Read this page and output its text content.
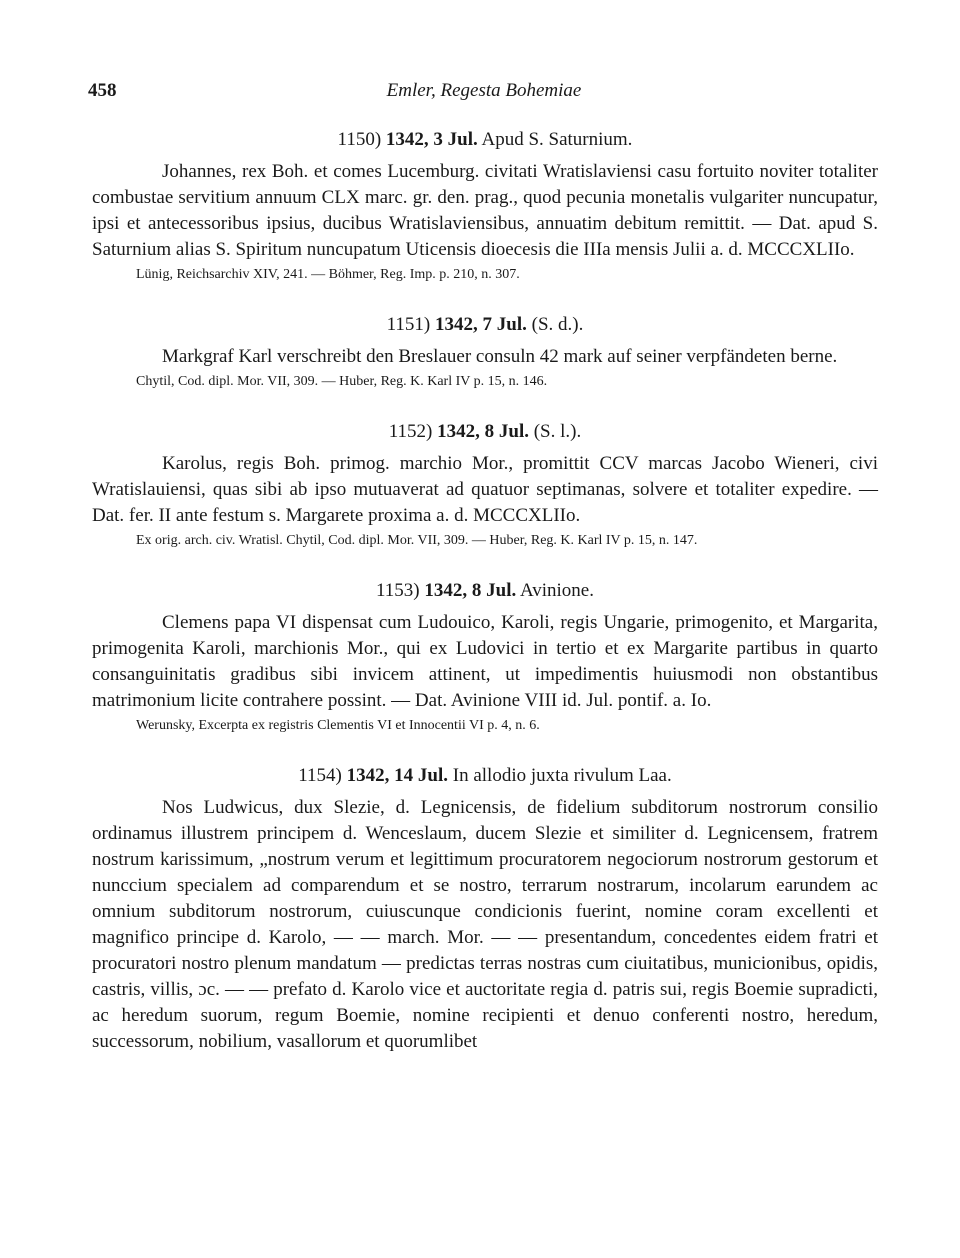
458	Emler, Regesta Bohemiae
1150) 1342, 3 Jul. Apud S. Saturnium.
Johannes, rex Boh. et comes Lucemburg. civitati Wratislaviensi casu fortuito noviter totaliter combustae servitium annuum CLX marc. gr. den. prag., quod pecunia monetalis vulgariter nuncupatur, ipsi et antecessoribus ipsius, ducibus Wratislaviensibus, annuatim debitum remittit. — Dat. apud S. Saturnium alias S. Spiritum nuncupatum Uticensis dioecesis die IIIa mensis Julii a. d. MCCCXLIIo.
Lünig, Reichsarchiv XIV, 241. — Böhmer, Reg. Imp. p. 210, n. 307.
1151) 1342, 7 Jul. (S. d.).
Markgraf Karl verschreibt den Breslauer consuln 42 mark auf seiner verpfändeten berne.
Chytil, Cod. dipl. Mor. VII, 309. — Huber, Reg. K. Karl IV p. 15, n. 146.
1152) 1342, 8 Jul. (S. l.).
Karolus, regis Boh. primog. marchio Mor., promittit CCV marcas Jacobo Wieneri, civi Wratislauiensi, quas sibi ab ipso mutuaverat ad quatuor septimanas, solvere et totaliter expedire. — Dat. fer. II ante festum s. Margarete proxima a. d. MCCCXLIIo.
Ex orig. arch. civ. Wratisl. Chytil, Cod. dipl. Mor. VII, 309. — Huber, Reg. K. Karl IV p. 15, n. 147.
1153) 1342, 8 Jul. Avinione.
Clemens papa VI dispensat cum Ludouico, Karoli, regis Ungarie, primogenito, et Margarita, primogenita Karoli, marchionis Mor., qui ex Ludovici in tertio et ex Margarite partibus in quarto consanguinitatis gradibus sibi invicem attinent, ut impedimentis huiusmodi non obstantibus matrimonium licite contrahere possint. — Dat. Avinione VIII id. Jul. pontif. a. Io.
Werunsky, Excerpta ex registris Clementis VI et Innocentii VI p. 4, n. 6.
1154) 1342, 14 Jul. In allodio juxta rivulum Laa.
Nos Ludwicus, dux Slezie, d. Legnicensis, de fidelium subditorum nostrorum consilio ordinamus illustrem principem d. Wenceslaum, ducem Slezie et similiter d. Legnicensem, fratrem nostrum karissimum, „nostrum verum et legittimum procuratorem negociorum nostrorum gestorum et nunccium specialem ad comparendum et se nostro, terrarum nostrarum, incolarum earundem ac omnium subditorum nostrorum, cuiuscunque condicionis fuerint, nomine coram excellenti et magnifico principe d. Karolo, — — march. Mor. — — presentandum, concedentes eidem fratri et procuratori nostro plenum mandatum — predictas terras nostras cum ciuitatibus, municionibus, opidis, castris, villis, ɔc. — — prefato d. Karolo vice et auctoritate regia d. patris sui, regis Boemie supradicti, ac heredum suorum, regum Boemie, nomine recipienti et denuo conferenti nostro, heredum, successorum, nobilium, vasallorum et quorumlibet
